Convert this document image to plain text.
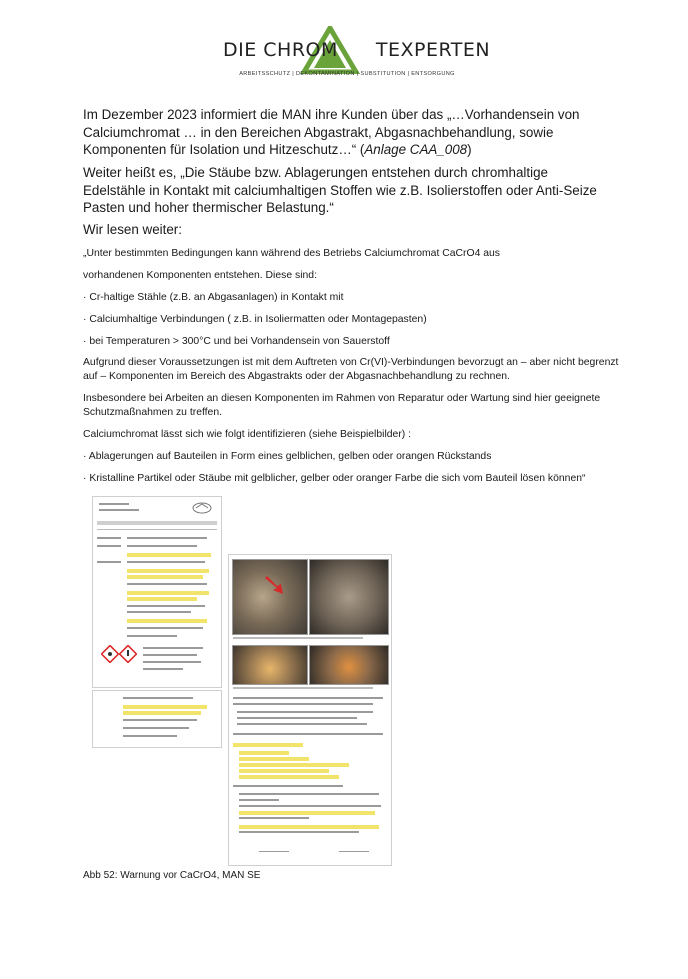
DIE CHROM TEXPERTEN
ARBEITSSCHUTZ | DEKONTAMINATION | SUBSTITUTION | ENTSORGUNG
Im Dezember 2023 informiert die MAN ihre Kunden über das „…Vorhandensein von Calciumchromat … in den Bereichen Abgastrakt, Abgasnachbehandlung, sowie Komponenten für Isolation und Hitzeschutz…“ (Anlage CAA_008)
Weiter heißt es, „Die Stäube bzw. Ablagerungen entstehen durch chromhaltige Edelstähle in Kontakt mit calciumhaltigen Stoffen wie z.B. Isolierstoffen oder Anti-Seize Pasten und hoher thermischer Belastung.“
Wir lesen weiter:
„Unter bestimmten Bedingungen kann während des Betriebs Calciumchromat CaCrO4 aus
vorhandenen Komponenten entstehen. Diese sind:
· Cr-haltige Stähle (z.B. an Abgasanlagen) in Kontakt mit
· Calciumhaltige Verbindungen ( z.B. in Isoliermatten oder Montagepasten)
· bei Temperaturen > 300°C und bei Vorhandensein von Sauerstoff
Aufgrund dieser Voraussetzungen ist mit dem Auftreten von Cr(VI)-Verbindungen bevorzugt an – aber nicht begrenzt auf – Komponenten im Bereich des Abgastrakts oder der Abgasnachbehandlung zu rechnen.
Insbesondere bei Arbeiten an diesen Komponenten im Rahmen von Reparatur oder Wartung sind hier geeignete Schutzmaßnahmen zu treffen.
Calciumchromat lässt sich wie folgt identifizieren (siehe Beispielbilder) :
· Ablagerungen auf Bauteilen in Form eines gelblichen, gelben oder orangen Rückstands
· Kristalline Partikel oder Stäube mit gelblicher, gelber oder oranger Farbe die sich vom Bauteil lösen können“
Abb 52: Warnung vor CaCrO4, MAN SE
